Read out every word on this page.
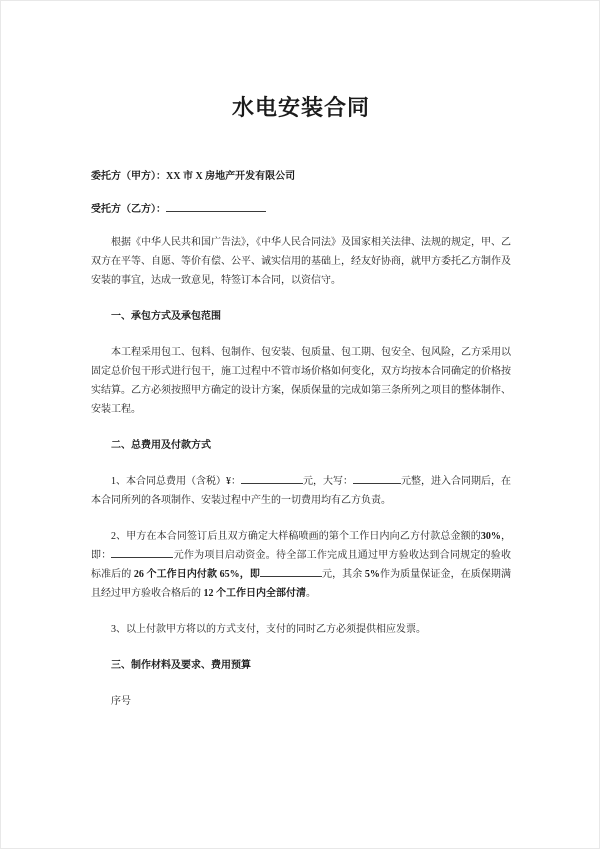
水电安装合同

委托方（甲方）：XX 市 X 房地产开发有限公司

受托方（乙方）：

根据《中华人民共和国广告法》，《中华人民合同法》及国家相关法律、法规的规定，甲、乙双方在平等、自愿、等价有偿、公平、诚实信用的基础上，经友好协商，就甲方委托乙方制作及安装的事宜，达成一致意见，特签订本合同，以资信守。

一、承包方式及承包范围

本工程采用包工、包料、包制作、包安装、包质量、包工期、包安全、包风险，乙方采用以固定总价包干形式进行包干，施工过程中不管市场价格如何变化，双方均按本合同确定的价格按实结算。乙方必须按照甲方确定的设计方案，保质保量的完成如第三条所列之项目的整体制作、安装工程。

二、总费用及付款方式

1、本合同总费用（含税）¥：	元，大写：	元整，进入合同期后，在本合同所列的各项制作、安装过程中产生的一切费用均有乙方负责。

2、甲方在本合同签订后且双方确定大样稿喷画的第个工作日内向乙方付款总金额的30%，即：	元作为项目启动资金。待全部工作完成且通过甲方验收达到合同规定的验收标准后的 26 个工作日内付款 65%，即	元，其余 5%作为质量保证金，在质保期满且经过甲方验收合格后的 12 个工作日内全部付清。

3、以上付款甲方将以的方式支付，支付的同时乙方必须提供相应发票。

三、制作材料及要求、费用预算

序号
